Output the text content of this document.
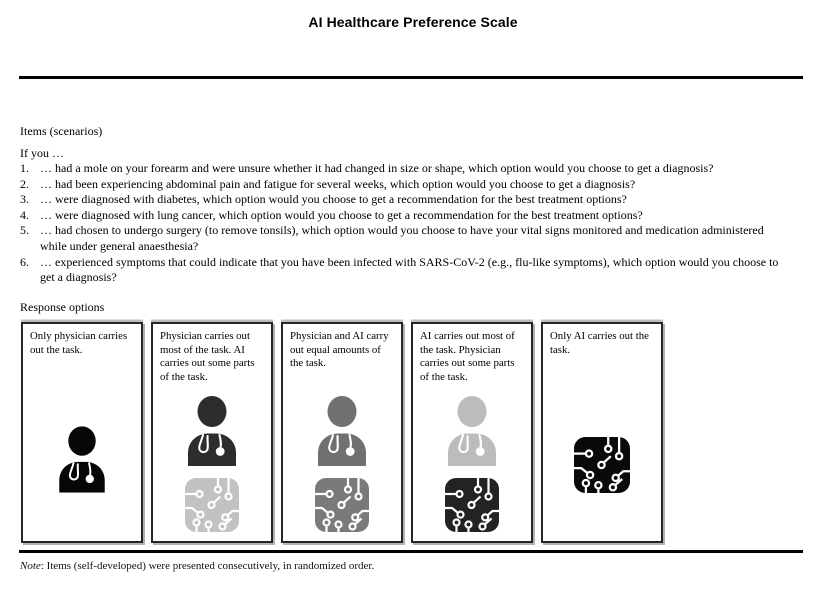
AI Healthcare Preference Scale
Items (scenarios)
If you …
1. … had a mole on your forearm and were unsure whether it had changed in size or shape, which option would you choose to get a diagnosis?
2. … had been experiencing abdominal pain and fatigue for several weeks, which option would you choose to get a diagnosis?
3. … were diagnosed with diabetes, which option would you choose to get a recommendation for the best treatment options?
4. … were diagnosed with lung cancer, which option would you choose to get a recommendation for the best treatment options?
5. … had chosen to undergo surgery (to remove tonsils), which option would you choose to have your vital signs monitored and medication administered while under general anaesthesia?
6. … experienced symptoms that could indicate that you have been infected with SARS-CoV-2 (e.g., flu-like symptoms), which option would you choose to get a diagnosis?
Response options
Only physician carries out the task.
Physician carries out most of the task. AI carries out some parts of the task.
Physician and AI carry out equal amounts of the task.
AI carries out most of the task. Physician carries out some parts of the task.
Only AI carries out the task.
Note: Items (self-developed) were presented consecutively, in randomized order.
